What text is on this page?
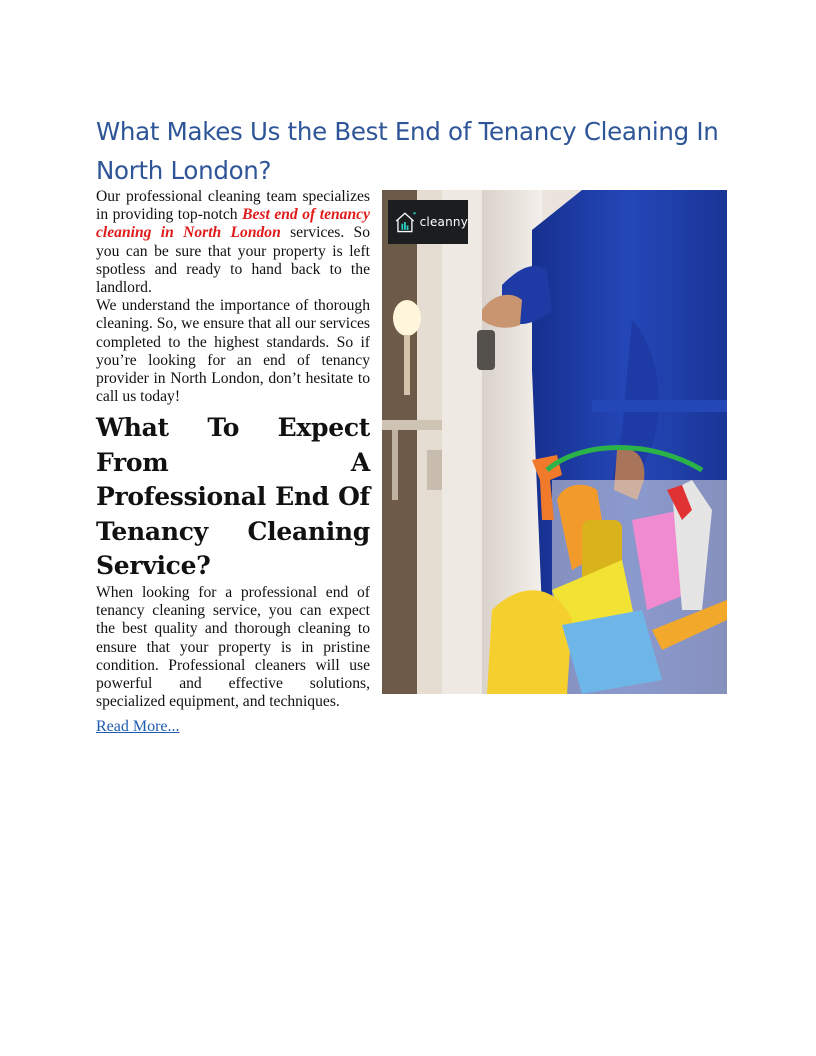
What Makes Us the Best End of Tenancy Cleaning In North London?

Our professional cleaning team specializes in providing top-notch Best end of tenancy cleaning in North London services. So you can be sure that your property is left spotless and ready to hand back to the landlord.

We understand the importance of thorough cleaning. So, we ensure that all our services completed to the highest standards. So if you’re looking for an end of tenancy provider in North London, don’t hesitate to call us today!

What To Expect From A Professional End Of Tenancy Cleaning Service?

When looking for a professional end of tenancy cleaning service, you can expect the best quality and thorough cleaning to ensure that your property is in pristine condition. Professional cleaners will use powerful and effective solutions, specialized equipment, and techniques.

Read More...
cleanny
